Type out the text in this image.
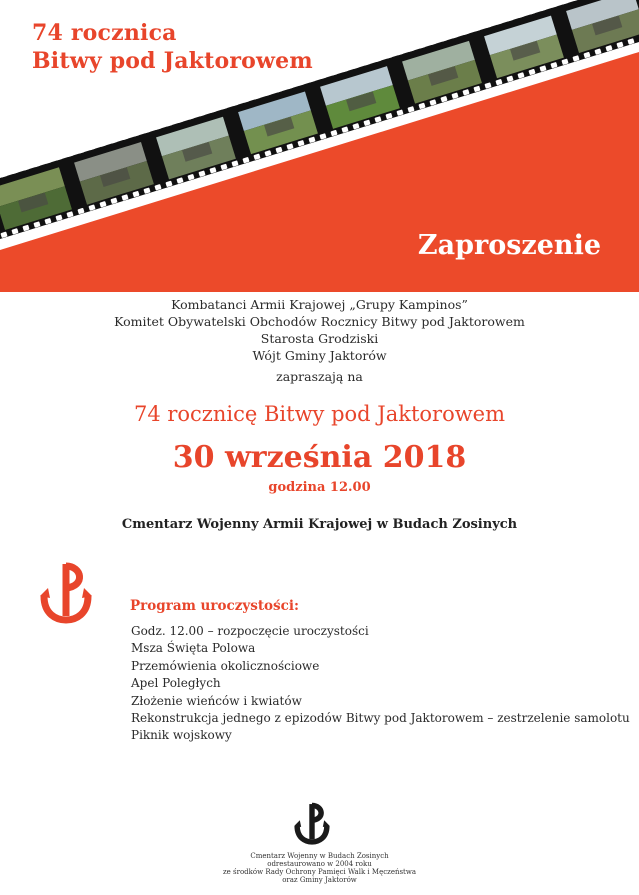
74 rocznica
Bitwy pod Jaktorowem
Zaproszenie
Kombatanci Armii Krajowej „Grupy Kampinos”
Komitet Obywatelski Obchodów Rocznicy Bitwy pod Jaktorowem
Starosta Grodziski
Wójt Gminy Jaktorów
zapraszają na
74 rocznicę Bitwy pod Jaktorowem
30 września 2018
godzina 12.00
Cmentarz Wojenny Armii Krajowej w Budach Zosinych
Program uroczystości:
Godz. 12.00 – rozpoczęcie uroczystości
Msza Święta Polowa
Przemówienia okolicznościowe
Apel Poległych
Złożenie wieńców i kwiatów
Rekonstrukcja jednego z epizodów Bitwy pod Jaktorowem – zestrzelenie samolotu
Piknik wojskowy
Cmentarz Wojenny w Budach Zosinych
odrestaurowano w 2004 roku
ze środków Rady Ochrony Pamięci Walk i Męczeństwa
oraz Gminy Jaktorów
